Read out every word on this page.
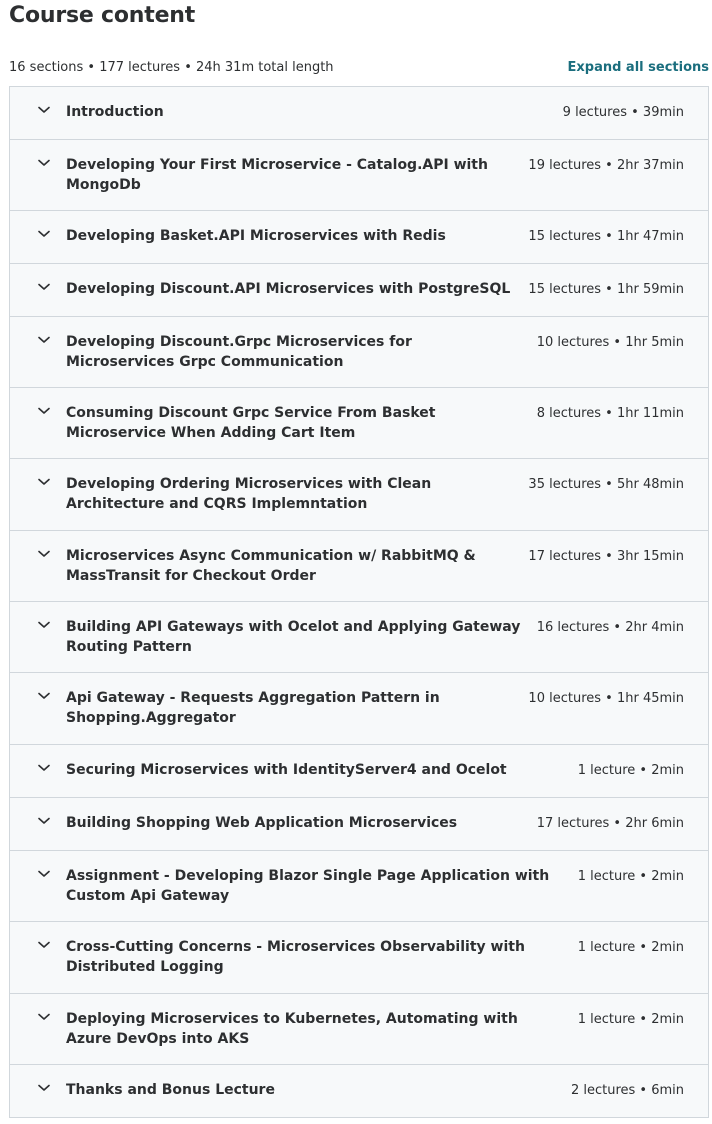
Course content
16 sections • 177 lectures • 24h 31m total length	Expand all sections
Introduction	9 lectures • 39min
Developing Your First Microservice - Catalog.API with MongoDb
19 lectures • 2hr 37min
Developing Basket.API Microservices with Redis	15 lectures • 1hr 47min
Developing Discount.API Microservices with PostgreSQL	15 lectures • 1hr 59min
Developing Discount.Grpc Microservices for Microservices Grpc Communication
10 lectures • 1hr 5min
Consuming Discount Grpc Service From Basket Microservice When Adding Cart Item
8 lectures • 1hr 11min
Developing Ordering Microservices with Clean Architecture and CQRS Implemntation
35 lectures • 5hr 48min
Microservices Async Communication w/ RabbitMQ & MassTransit for Checkout Order
17 lectures • 3hr 15min
Building API Gateways with Ocelot and Applying Gateway Routing Pattern
16 lectures • 2hr 4min
Api Gateway - Requests Aggregation Pattern in Shopping.Aggregator
10 lectures • 1hr 45min
Securing Microservices with IdentityServer4 and Ocelot	1 lecture • 2min
Building Shopping Web Application Microservices	17 lectures • 2hr 6min
Assignment - Developing Blazor Single Page Application with Custom Api Gateway
1 lecture • 2min
Cross-Cutting Concerns - Microservices Observability with Distributed Logging
1 lecture • 2min
Deploying Microservices to Kubernetes, Automating with Azure DevOps into AKS
1 lecture • 2min
Thanks and Bonus Lecture	2 lectures • 6min
